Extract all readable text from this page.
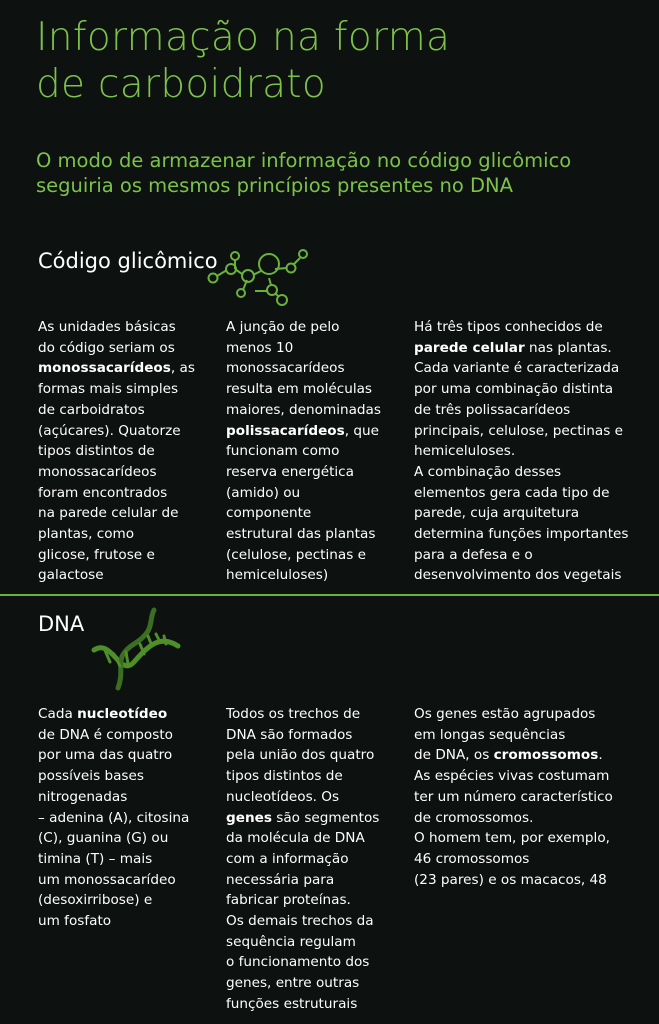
Informação na forma
de carboidrato

O modo de armazenar informação no código glicômico
seguiria os mesmos princípios presentes no DNA

Código glicômico
As unidades básicas
do código seriam os
monossacarídeos, as
formas mais simples
de carboidratos
(açúcares). Quatorze
tipos distintos de
monossacarídeos
foram encontrados
na parede celular de
plantas, como
glicose, frutose e
galactose
A junção de pelo
menos 10
monossacarídeos
resulta em moléculas
maiores, denominadas
polissacarídeos, que
funcionam como
reserva energética
(amido) ou
componente
estrutural das plantas
(celulose, pectinas e
hemiceluloses)
Há três tipos conhecidos de
parede celular nas plantas.
Cada variante é caracterizada
por uma combinação distinta
de três polissacarídeos
principais, celulose, pectinas e
hemiceluloses.
A combinação desses
elementos gera cada tipo de
parede, cuja arquitetura
determina funções importantes
para a defesa e o
desenvolvimento dos vegetais
DNA
Cada nucleotídeo
de DNA é composto
por uma das quatro
possíveis bases
nitrogenadas
– adenina (A), citosina
(C), guanina (G) ou
timina (T) – mais
um monossacarídeo
(desoxirribose) e
um fosfato
Todos os trechos de
DNA são formados
pela união dos quatro
tipos distintos de
nucleotídeos. Os
genes são segmentos
da molécula de DNA
com a informação
necessária para
fabricar proteínas.
Os demais trechos da
sequência regulam
o funcionamento dos
genes, entre outras
funções estruturais
Os genes estão agrupados
em longas sequências
de DNA, os cromossomos.
As espécies vivas costumam
ter um número característico
de cromossomos.
O homem tem, por exemplo,
46 cromossomos
(23 pares) e os macacos, 48
